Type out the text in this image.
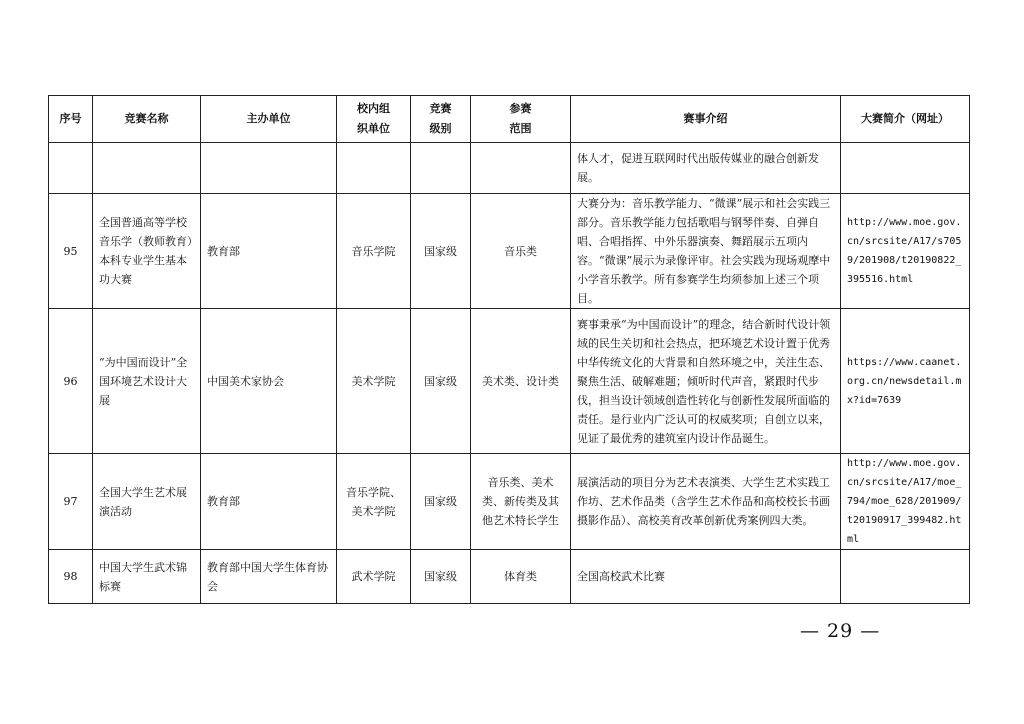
序号	竞赛名称	主办单位	校内组织单位	竞赛级别	参赛范围	赛事介绍	大赛简介（网址）
						体人才，促进互联网时代出版传媒业的融合创新发展。	
95	全国普通高等学校音乐学（教师教育）本科专业学生基本功大赛	教育部	音乐学院	国家级	音乐类	大赛分为：音乐教学能力、“微课”展示和社会实践三部分。音乐教学能力包括歌唱与钢琴伴奏、自弹自唱、合唱指挥、中外乐器演奏、舞蹈展示五项内容。“微课”展示为录像评审。社会实践为现场观摩中小学音乐教学。所有参赛学生均须参加上述三个项目。	http://www.moe.gov.cn/srcsite/A17/s7059/201908/t20190822_395516.html
96	“为中国而设计”全国环境艺术设计大展	中国美术家协会	美术学院	国家级	美术类、设计类	赛事秉承“为中国而设计”的理念，结合新时代设计领域的民生关切和社会热点，把环境艺术设计置于优秀中华传统文化的大背景和自然环境之中，关注生态、聚焦生活、破解难题；倾听时代声音，紧跟时代步伐，担当设计领域创造性转化与创新性发展所面临的责任。是行业内广泛认可的权威奖项；自创立以来，见证了最优秀的建筑室内设计作品诞生。	https://www.caanet.org.cn/newsdetail.mx?id=7639
97	全国大学生艺术展演活动	教育部	音乐学院、美术学院	国家级	音乐类、美术类、新传类及其他艺术特长学生	展演活动的项目分为艺术表演类、大学生艺术实践工作坊、艺术作品类（含学生艺术作品和高校校长书画摄影作品）、高校美育改革创新优秀案例四大类。	http://www.moe.gov.cn/srcsite/A17/moe_794/moe_628/201909/t20190917_399482.html
98	中国大学生武术锦标赛	教育部中国大学生体育协会	武术学院	国家级	体育类	全国高校武术比赛	
— 29 —
